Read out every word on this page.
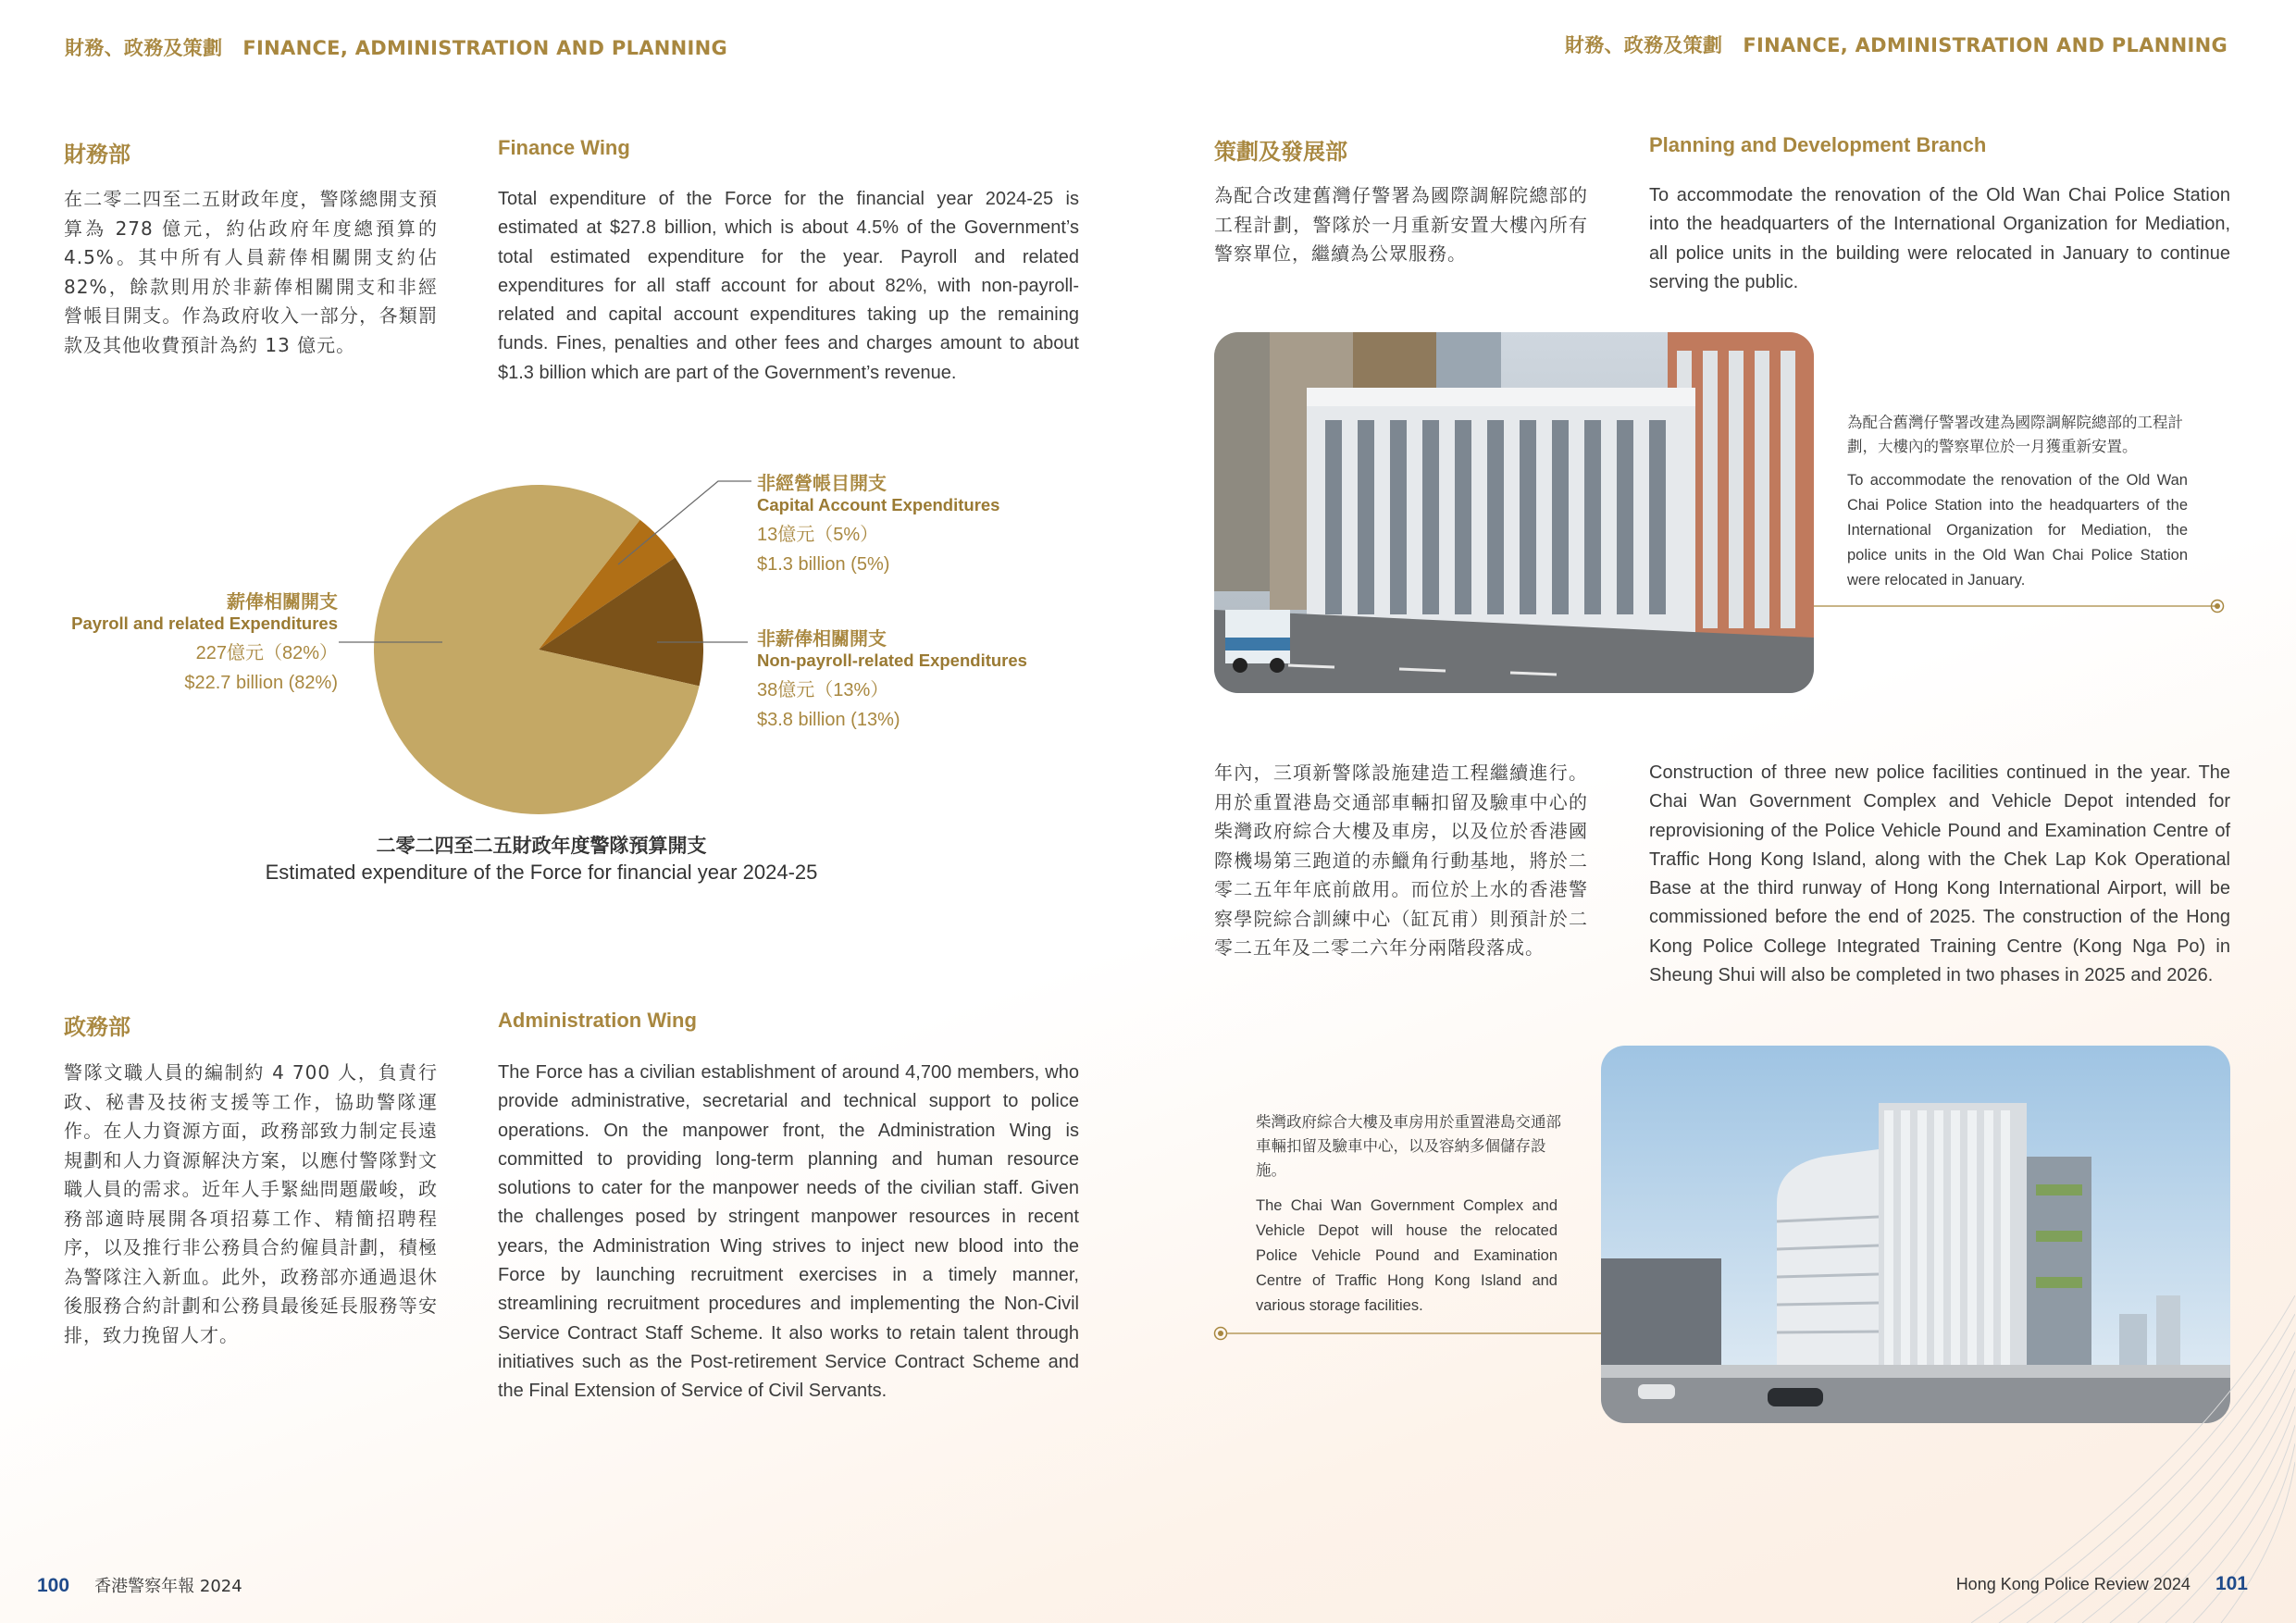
財務、政務及策劃 FINANCE, ADMINISTRATION AND PLANNING	財務、政務及策劃 FINANCE, ADMINISTRATION AND PLANNING
財務部	Finance Wing
在二零二四至二五財政年度，警隊總開支預算為 278 億元，約佔政府年度總預算的4.5%。其中所有人員薪俸相關開支約佔82%，餘款則用於非薪俸相關開支和非經營帳目開支。作為政府收入一部分，各類罰款及其他收費預計為約 13 億元。
Total expenditure of the Force for the financial year 2024-25 is estimated at $27.8 billion, which is about 4.5% of the Government’s total estimated expenditure for the year. Payroll and related expenditures for all staff account for about 82%, with non-payroll-related and capital account expenditures taking up the remaining funds. Fines, penalties and other fees and charges amount to about $1.3 billion which are part of the Government’s revenue.
薪俸相關開支
Payroll and related Expenditures
227億元（82%）
$22.7 billion (82%)
非經營帳目開支
Capital Account Expenditures
13億元（5%）
$1.3 billion (5%)
非薪俸相關開支
Non-payroll-related Expenditures
38億元（13%）
$3.8 billion (13%)
二零二四至二五財政年度警隊預算開支
Estimated expenditure of the Force for financial year 2024-25
政務部	Administration Wing
警隊文職人員的編制約 4 700 人，負責行政、秘書及技術支援等工作，協助警隊運作。在人力資源方面，政務部致力制定長遠規劃和人力資源解決方案，以應付警隊對文職人員的需求。近年人手緊絀問題嚴峻，政務部適時展開各項招募工作、精簡招聘程序，以及推行非公務員合約僱員計劃，積極為警隊注入新血。此外，政務部亦通過退休後服務合約計劃和公務員最後延長服務等安排，致力挽留人才。
The Force has a civilian establishment of around 4,700 members, who provide administrative, secretarial and technical support to police operations. On the manpower front, the Administration Wing is committed to providing long-term planning and human resource solutions to cater for the manpower needs of the civilian staff. Given the challenges posed by stringent manpower resources in recent years, the Administration Wing strives to inject new blood into the Force by launching recruitment exercises in a timely manner, streamlining recruitment procedures and implementing the Non-Civil Service Contract Staff Scheme. It also works to retain talent through initiatives such as the Post-retirement Service Contract Scheme and the Final Extension of Service of Civil Servants.
策劃及發展部	Planning and Development Branch
為配合改建舊灣仔警署為國際調解院總部的工程計劃，警隊於一月重新安置大樓內所有警察單位，繼續為公眾服務。
To accommodate the renovation of the Old Wan Chai Police Station into the headquarters of the International Organization for Mediation, all police units in the building were relocated in January to continue serving the public.
為配合舊灣仔警署改建為國際調解院總部的工程計劃，大樓內的警察單位於一月獲重新安置。
To accommodate the renovation of the Old Wan Chai Police Station into the headquarters of the International Organization for Mediation, the police units in the Old Wan Chai Police Station were relocated in January.
年內，三項新警隊設施建造工程繼續進行。用於重置港島交通部車輛扣留及驗車中心的柴灣政府綜合大樓及車房，以及位於香港國際機場第三跑道的赤鱲角行動基地，將於二零二五年年底前啟用。而位於上水的香港警察學院綜合訓練中心（缸瓦甫）則預計於二零二五年及二零二六年分兩階段落成。
Construction of three new police facilities continued in the year. The Chai Wan Government Complex and Vehicle Depot intended for reprovisioning of the Police Vehicle Pound and Examination Centre of Traffic Hong Kong Island, along with the Chek Lap Kok Operational Base at the third runway of Hong Kong International Airport, will be commissioned before the end of 2025. The construction of the Hong Kong Police College Integrated Training Centre (Kong Nga Po) in Sheung Shui will also be completed in two phases in 2025 and 2026.
柴灣政府綜合大樓及車房用於重置港島交通部車輛扣留及驗車中心，以及容納多個儲存設施。
The Chai Wan Government Complex and Vehicle Depot will house the relocated Police Vehicle Pound and Examination Centre of Traffic Hong Kong Island and various storage facilities.
100 香港警察年報 2024	Hong Kong Police Review 2024 101
